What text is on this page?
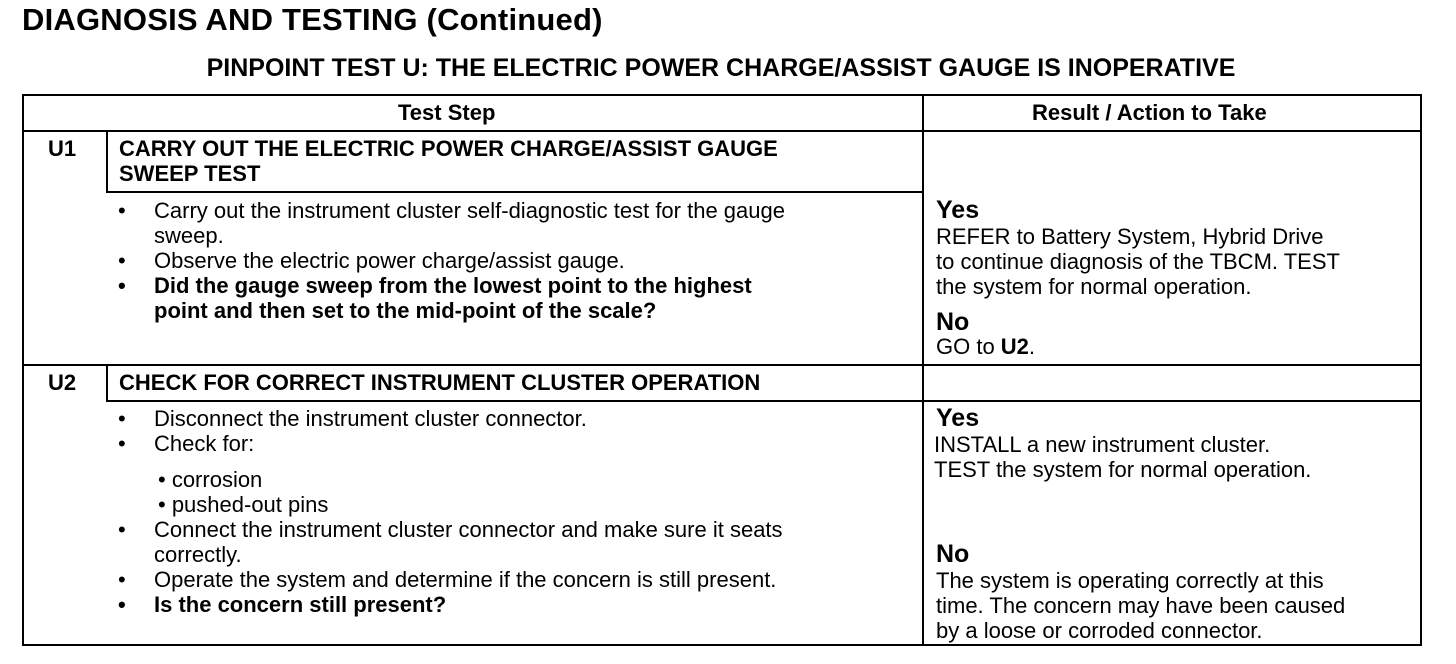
DIAGNOSIS AND TESTING (Continued)
PINPOINT TEST U: THE ELECTRIC POWER CHARGE/ASSIST GAUGE IS INOPERATIVE
Test Step	Result / Action to Take
U1 CARRY OUT THE ELECTRIC POWER CHARGE/ASSIST GAUGE
SWEEP TEST
• Carry out the instrument cluster self-diagnostic test for the gauge
sweep.
• Observe the electric power charge/assist gauge.
• Did the gauge sweep from the lowest point to the highest
point and then set to the mid-point of the scale?
Yes
REFER to Battery System, Hybrid Drive
to continue diagnosis of the TBCM. TEST
the system for normal operation.
No
GO to U2.
U2 CHECK FOR CORRECT INSTRUMENT CLUSTER OPERATION
• Disconnect the instrument cluster connector.
• Check for:
• corrosion
• pushed-out pins
• Connect the instrument cluster connector and make sure it seats
correctly.
• Operate the system and determine if the concern is still present.
• Is the concern still present?
Yes
INSTALL a new instrument cluster.
TEST the system for normal operation.
No
The system is operating correctly at this
time. The concern may have been caused
by a loose or corroded connector.
